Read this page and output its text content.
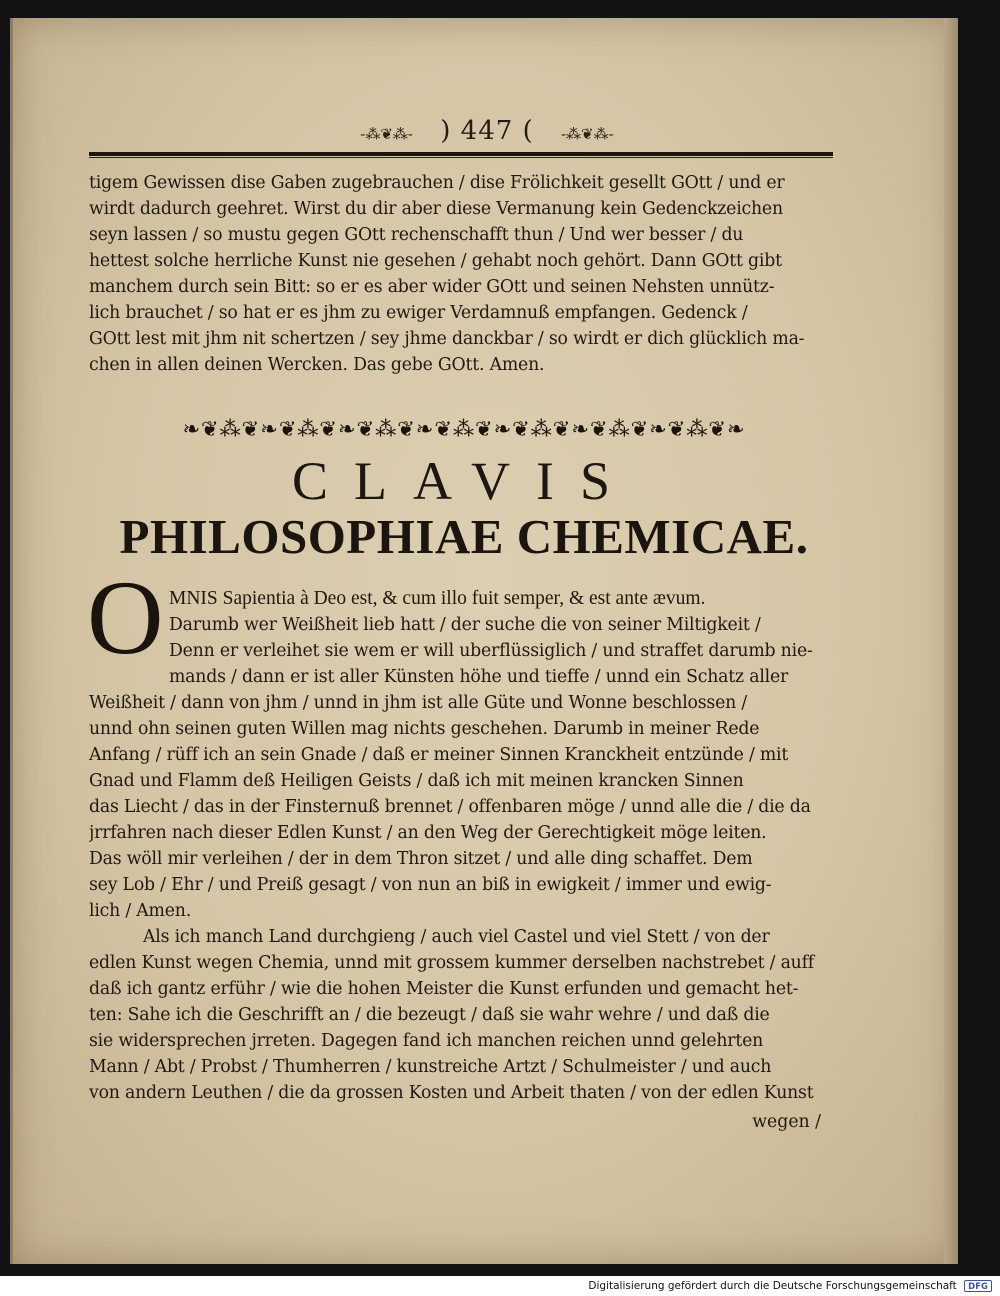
-⁂❦⁂- ) 447 ( -⁂❦⁂-
tigem Gewissen dise Gaben zugebrauchen / dise Frölichkeit gesellt GOtt / und er
wirdt dadurch geehret. Wirst du dir aber diese Vermanung kein Gedenckzeichen
seyn lassen / so mustu gegen GOtt rechenschafft thun / Und wer besser / du
hettest solche herrliche Kunst nie gesehen / gehabt noch gehört. Dann GOtt gibt
manchem durch sein Bitt: so er es aber wider GOtt und seinen Nehsten unnütz-
lich brauchet / so hat er es jhm zu ewiger Verdamnuß empfangen. Gedenck /
GOtt lest mit jhm nit schertzen / sey jhme danckbar / so wirdt er dich glücklich ma-
chen in allen deinen Wercken. Das gebe GOtt. Amen.
❧❦⁂❦❧❦⁂❦❧❦⁂❦❧❦⁂❦❧❦⁂❦❧❦⁂❦❧❦⁂❦❧
CLAVIS
PHILOSOPHIAE CHEMICAE.
O MNIS Sapientia à Deo est, & cum illo fuit semper, & est ante ævum.
Darumb wer Weißheit lieb hatt / der suche die von seiner Miltigkeit /
Denn er verleihet sie wem er will uberflüssiglich / und straffet darumb nie-
mands / dann er ist aller Künsten höhe und tieffe / unnd ein Schatz aller
Weißheit / dann von jhm / unnd in jhm ist alle Güte und Wonne beschlossen /
unnd ohn seinen guten Willen mag nichts geschehen. Darumb in meiner Rede
Anfang / rüff ich an sein Gnade / daß er meiner Sinnen Kranckheit entzünde / mit
Gnad und Flamm deß Heiligen Geists / daß ich mit meinen krancken Sinnen
das Liecht / das in der Finsternuß brennet / offenbaren möge / unnd alle die / die da
jrrfahren nach dieser Edlen Kunst / an den Weg der Gerechtigkeit möge leiten.
Das wöll mir verleihen / der in dem Thron sitzet / und alle ding schaffet. Dem
sey Lob / Ehr / und Preiß gesagt / von nun an biß in ewigkeit / immer und ewig-
lich / Amen.
Als ich manch Land durchgieng / auch viel Castel und viel Stett / von der
edlen Kunst wegen Chemia, unnd mit grossem kummer derselben nachstrebet / auff
daß ich gantz erführ / wie die hohen Meister die Kunst erfunden und gemacht het-
ten: Sahe ich die Geschrifft an / die bezeugt / daß sie wahr wehre / und daß die
sie widersprechen jrreten. Dagegen fand ich manchen reichen unnd gelehrten
Mann / Abt / Probst / Thumherren / kunstreiche Artzt / Schulmeister / und auch
von andern Leuthen / die da grossen Kosten und Arbeit thaten / von der edlen Kunst
wegen /
Digitalisierung gefördert durch die Deutsche Forschungsgemeinschaft DFG
